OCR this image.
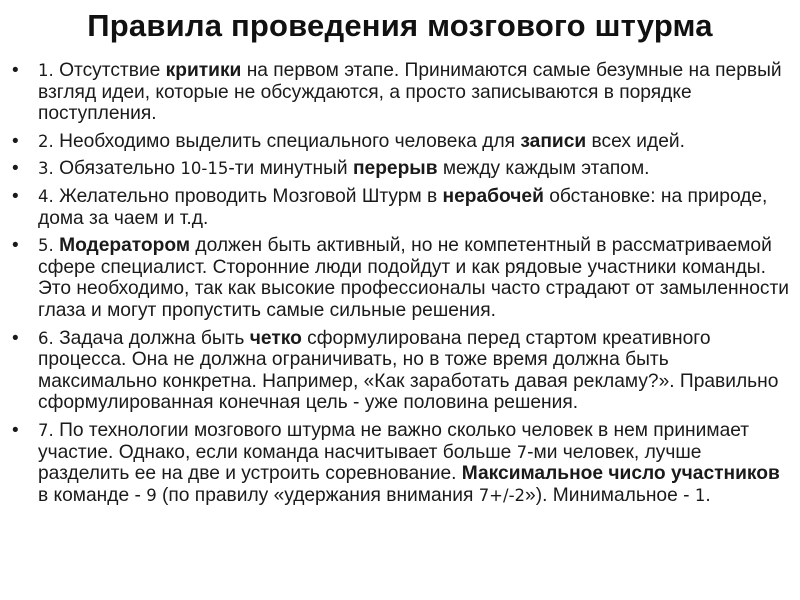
Правила проведения мозгового штурма
•	1. Отсутствие критики на первом этапе. Принимаются самые безумные на первый взгляд идеи, которые не обсуждаются, а просто записываются в порядке поступления.
•	2. Необходимо выделить специального человека для записи всех идей.
•	3. Обязательно 10-15-ти минутный перерыв между каждым этапом.
•	4. Желательно проводить Мозговой Штурм в нерабочей обстановке: на природе, дома за чаем и т.д.
•	5. Модератором должен быть активный, но не компетентный в рассматриваемой сфере специалист. Сторонние люди подойдут и как рядовые участники команды. Это необходимо, так как высокие профессионалы часто страдают от замыленности глаза и могут пропустить самые сильные решения.
•	6. Задача должна быть четко сформулирована перед стартом креативного процесса. Она не должна ограничивать, но в тоже время должна быть максимально конкретна. Например, «Как заработать давая рекламу?». Правильно сформулированная конечная цель - уже половина решения.
•	7. По технологии мозгового штурма не важно сколько человек в нем принимает участие. Однако, если команда насчитывает больше 7-ми человек, лучше разделить ее на две и устроить соревнование. Максимальное число участников в команде - 9 (по правилу «удержания внимания 7+/-2»). Минимальное - 1.
